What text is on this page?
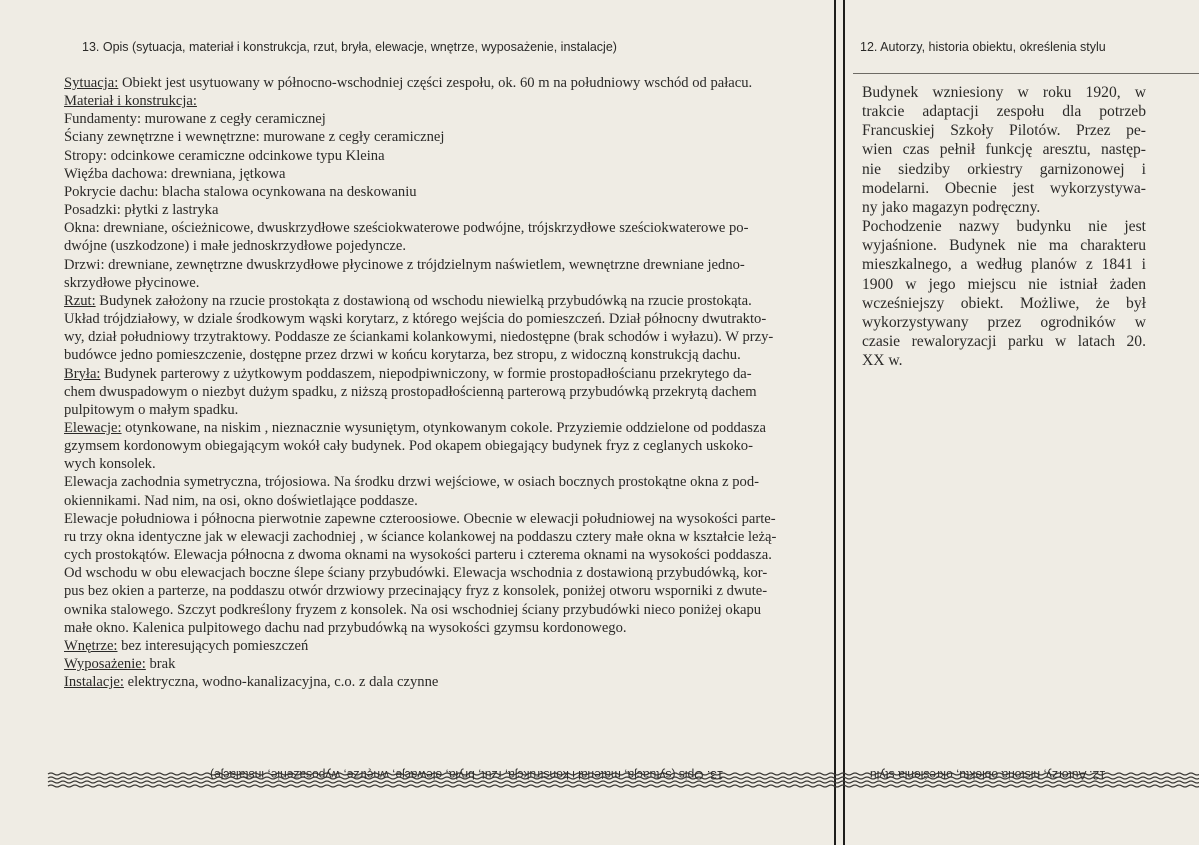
13. Opis (sytuacja, materiał i konstrukcja, rzut, bryła, elewacje, wnętrze, wyposażenie, instalacje)	12. Autorzy, historia obiektu, określenia stylu
Sytuacja: Obiekt jest usytuowany w północno-wschodniej części zespołu, ok. 60 m na południowy wschód od pałacu.
Materiał i konstrukcja:
Fundamenty: murowane z cegły ceramicznej
Ściany zewnętrzne i wewnętrzne: murowane z cegły ceramicznej
Stropy: odcinkowe ceramiczne odcinkowe typu Kleina
Więźba dachowa: drewniana, jętkowa
Pokrycie dachu: blacha stalowa ocynkowana na deskowaniu
Posadzki: płytki z lastryka
Okna: drewniane, ościeżnicowe, dwuskrzydłowe sześciokwaterowe podwójne, trójskrzydłowe sześciokwaterowe po-
dwójne (uszkodzone) i małe jednoskrzydłowe pojedyncze.
Drzwi: drewniane, zewnętrzne dwuskrzydłowe płycinowe z trójdzielnym naświetlem, wewnętrzne drewniane jedno-
skrzydłowe płycinowe.
Rzut: Budynek założony na rzucie prostokąta z dostawioną od wschodu niewielką przybudówką na rzucie prostokąta.
Układ trójdziałowy, w dziale środkowym wąski korytarz, z którego wejścia do pomieszczeń. Dział północny dwutrakto-
wy, dział południowy trzytraktowy. Poddasze ze ściankami kolankowymi, niedostępne (brak schodów i wyłazu). W przy-
budówce jedno pomieszczenie, dostępne przez drzwi w końcu korytarza, bez stropu, z widoczną konstrukcją dachu.
Bryła: Budynek parterowy z użytkowym poddaszem, niepodpiwniczony, w formie prostopadłościanu przekrytego da-
chem dwuspadowym o niezbyt dużym spadku, z niższą prostopadłościenną parterową przybudówką przekrytą dachem
pulpitowym o małym spadku.
Elewacje: otynkowane, na niskim , nieznacznie wysuniętym, otynkowanym cokole. Przyziemie oddzielone od poddasza
gzymsem kordonowym obiegającym wokół cały budynek. Pod okapem obiegający budynek fryz z ceglanych uskoko-
wych konsolek.
Elewacja zachodnia symetryczna, trójosiowa. Na środku drzwi wejściowe, w osiach bocznych prostokątne okna z pod-
okiennikami. Nad nim, na osi, okno doświetlające poddasze.
Elewacje południowa i północna pierwotnie zapewne czteroosiowe. Obecnie w elewacji południowej na wysokości parte-
ru trzy okna identyczne jak w elewacji zachodniej , w ściance kolankowej na poddaszu cztery małe okna w kształcie leżą-
cych prostokątów. Elewacja północna z dwoma oknami na wysokości parteru i czterema oknami na wysokości poddasza.
Od wschodu w obu elewacjach boczne ślepe ściany przybudówki. Elewacja wschodnia z dostawioną przybudówką, kor-
pus bez okien a parterze, na poddaszu otwór drzwiowy przecinający fryz z konsolek, poniżej otworu wsporniki z dwute-
ownika stalowego. Szczyt podkreślony fryzem z konsolek. Na osi wschodniej ściany przybudówki nieco poniżej okapu
małe okno. Kalenica pulpitowego dachu nad przybudówką na wysokości gzymsu kordonowego.
Wnętrze: bez interesujących pomieszczeń
Wyposażenie: brak
Instalacje: elektryczna, wodno-kanalizacyjna, c.o. z dala czynne
Budynek wzniesiony w roku 1920, w
trakcie adaptacji zespołu dla potrzeb
Francuskiej Szkoły Pilotów. Przez pe-
wien czas pełnił funkcję aresztu, następ-
nie siedziby orkiestry garnizonowej i
modelarni. Obecnie jest wykorzystywa-
ny jako magazyn podręczny.
Pochodzenie nazwy budynku nie jest
wyjaśnione. Budynek nie ma charakteru
mieszkalnego, a według planów z 1841 i
1900 w jego miejscu nie istniał żaden
wcześniejszy obiekt. Możliwe, że był
wykorzystywany przez ogrodników w
czasie rewaloryzacji parku w latach 20.
XX w.
13. Opis (sytuacja, materiał i konstrukcja, rzut, bryła, elewacje, wnętrze, wyposażenie, instalacje)	12. Autorzy, historia obiektu, określenia stylu
